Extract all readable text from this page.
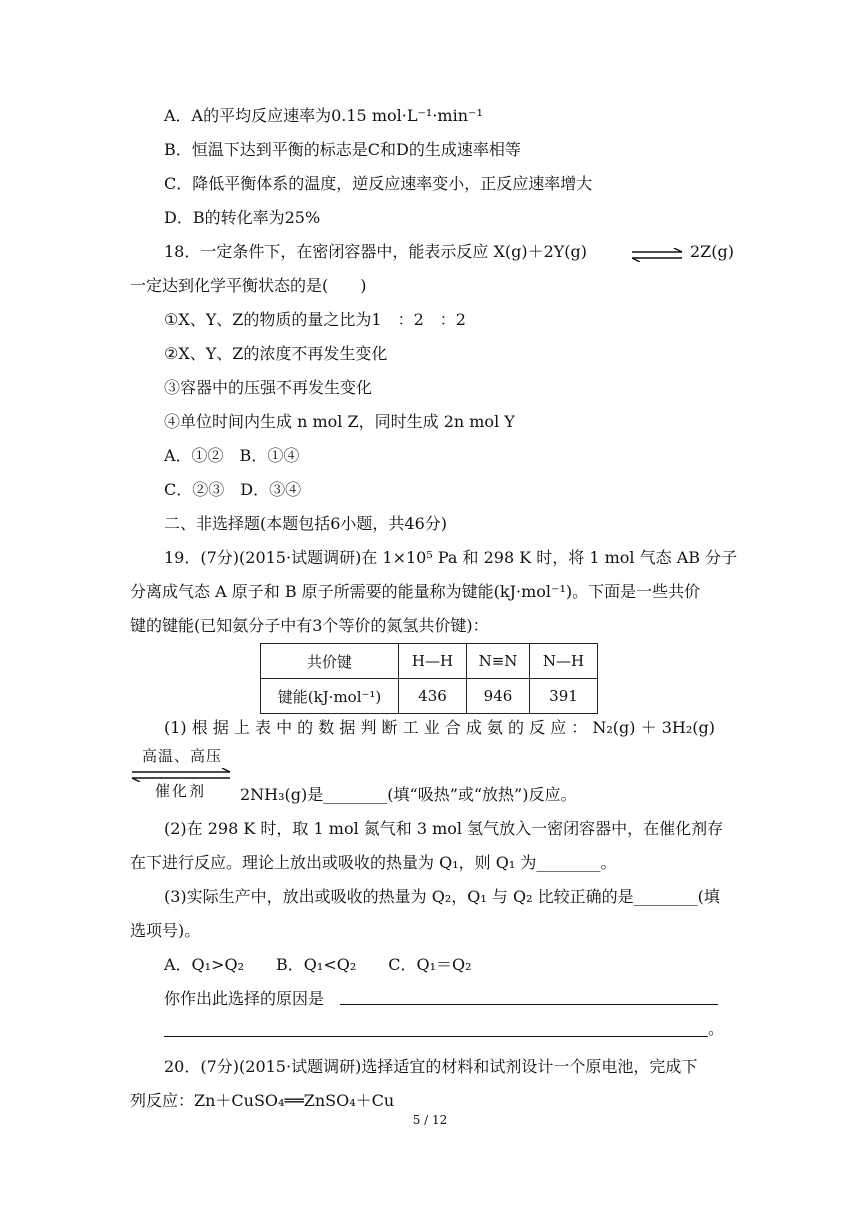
A．A的平均反应速率为0.15 mol·L⁻¹·min⁻¹
B．恒温下达到平衡的标志是C和D的生成速率相等
C．降低平衡体系的温度，逆反应速率变小，正反应速率增大
D．B的转化率为25%
18．一定条件下，在密闭容器中，能表示反应 X(g)＋2Y(g)	⇌ 2Z(g)
一定达到化学平衡状态的是(　　)
①X、Y、Z的物质的量之比为1　：2　：2
②X、Y、Z的浓度不再发生变化
③容器中的压强不再发生变化
④单位时间内生成 n mol Z，同时生成 2n mol Y
A．①②　B．①④
C．②③　D．③④
二、非选择题(本题包括6小题，共46分)
19．(7分)(2015·试题调研)在 1×10⁵ Pa 和 298 K 时，将 1 mol 气态 AB 分子
分离成气态 A 原子和 B 原子所需要的能量称为键能(kJ·mol⁻¹)。下面是一些共价
键的键能(已知氨分子中有3个等价的氮氢共价键)：
共价键	H—H	N≡N	N—H
键能(kJ·mol⁻¹)	436	946	391
(1) 根 据 上 表 中 的 数 据 判 断 工 业 合 成 氨 的 反 应 ： N₂(g) ＋ 3H₂(g)
高温、高压
催化剂 2NH₃(g)是________(填“吸热”或“放热”)反应。
(2)在 298 K 时，取 1 mol 氮气和 3 mol 氢气放入一密闭容器中，在催化剂存
在下进行反应。理论上放出或吸收的热量为 Q₁，则 Q₁ 为________。
(3)实际生产中，放出或吸收的热量为 Q₂，Q₁ 与 Q₂ 比较正确的是________(填
选项号)。
A．Q₁>Q₂　　B．Q₁<Q₂　　C．Q₁＝Q₂
你作出此选择的原因是
。
20．(7分)(2015·试题调研)选择适宜的材料和试剂设计一个原电池，完成下
列反应：Zn＋CuSO₄══ZnSO₄＋Cu
5 / 12
